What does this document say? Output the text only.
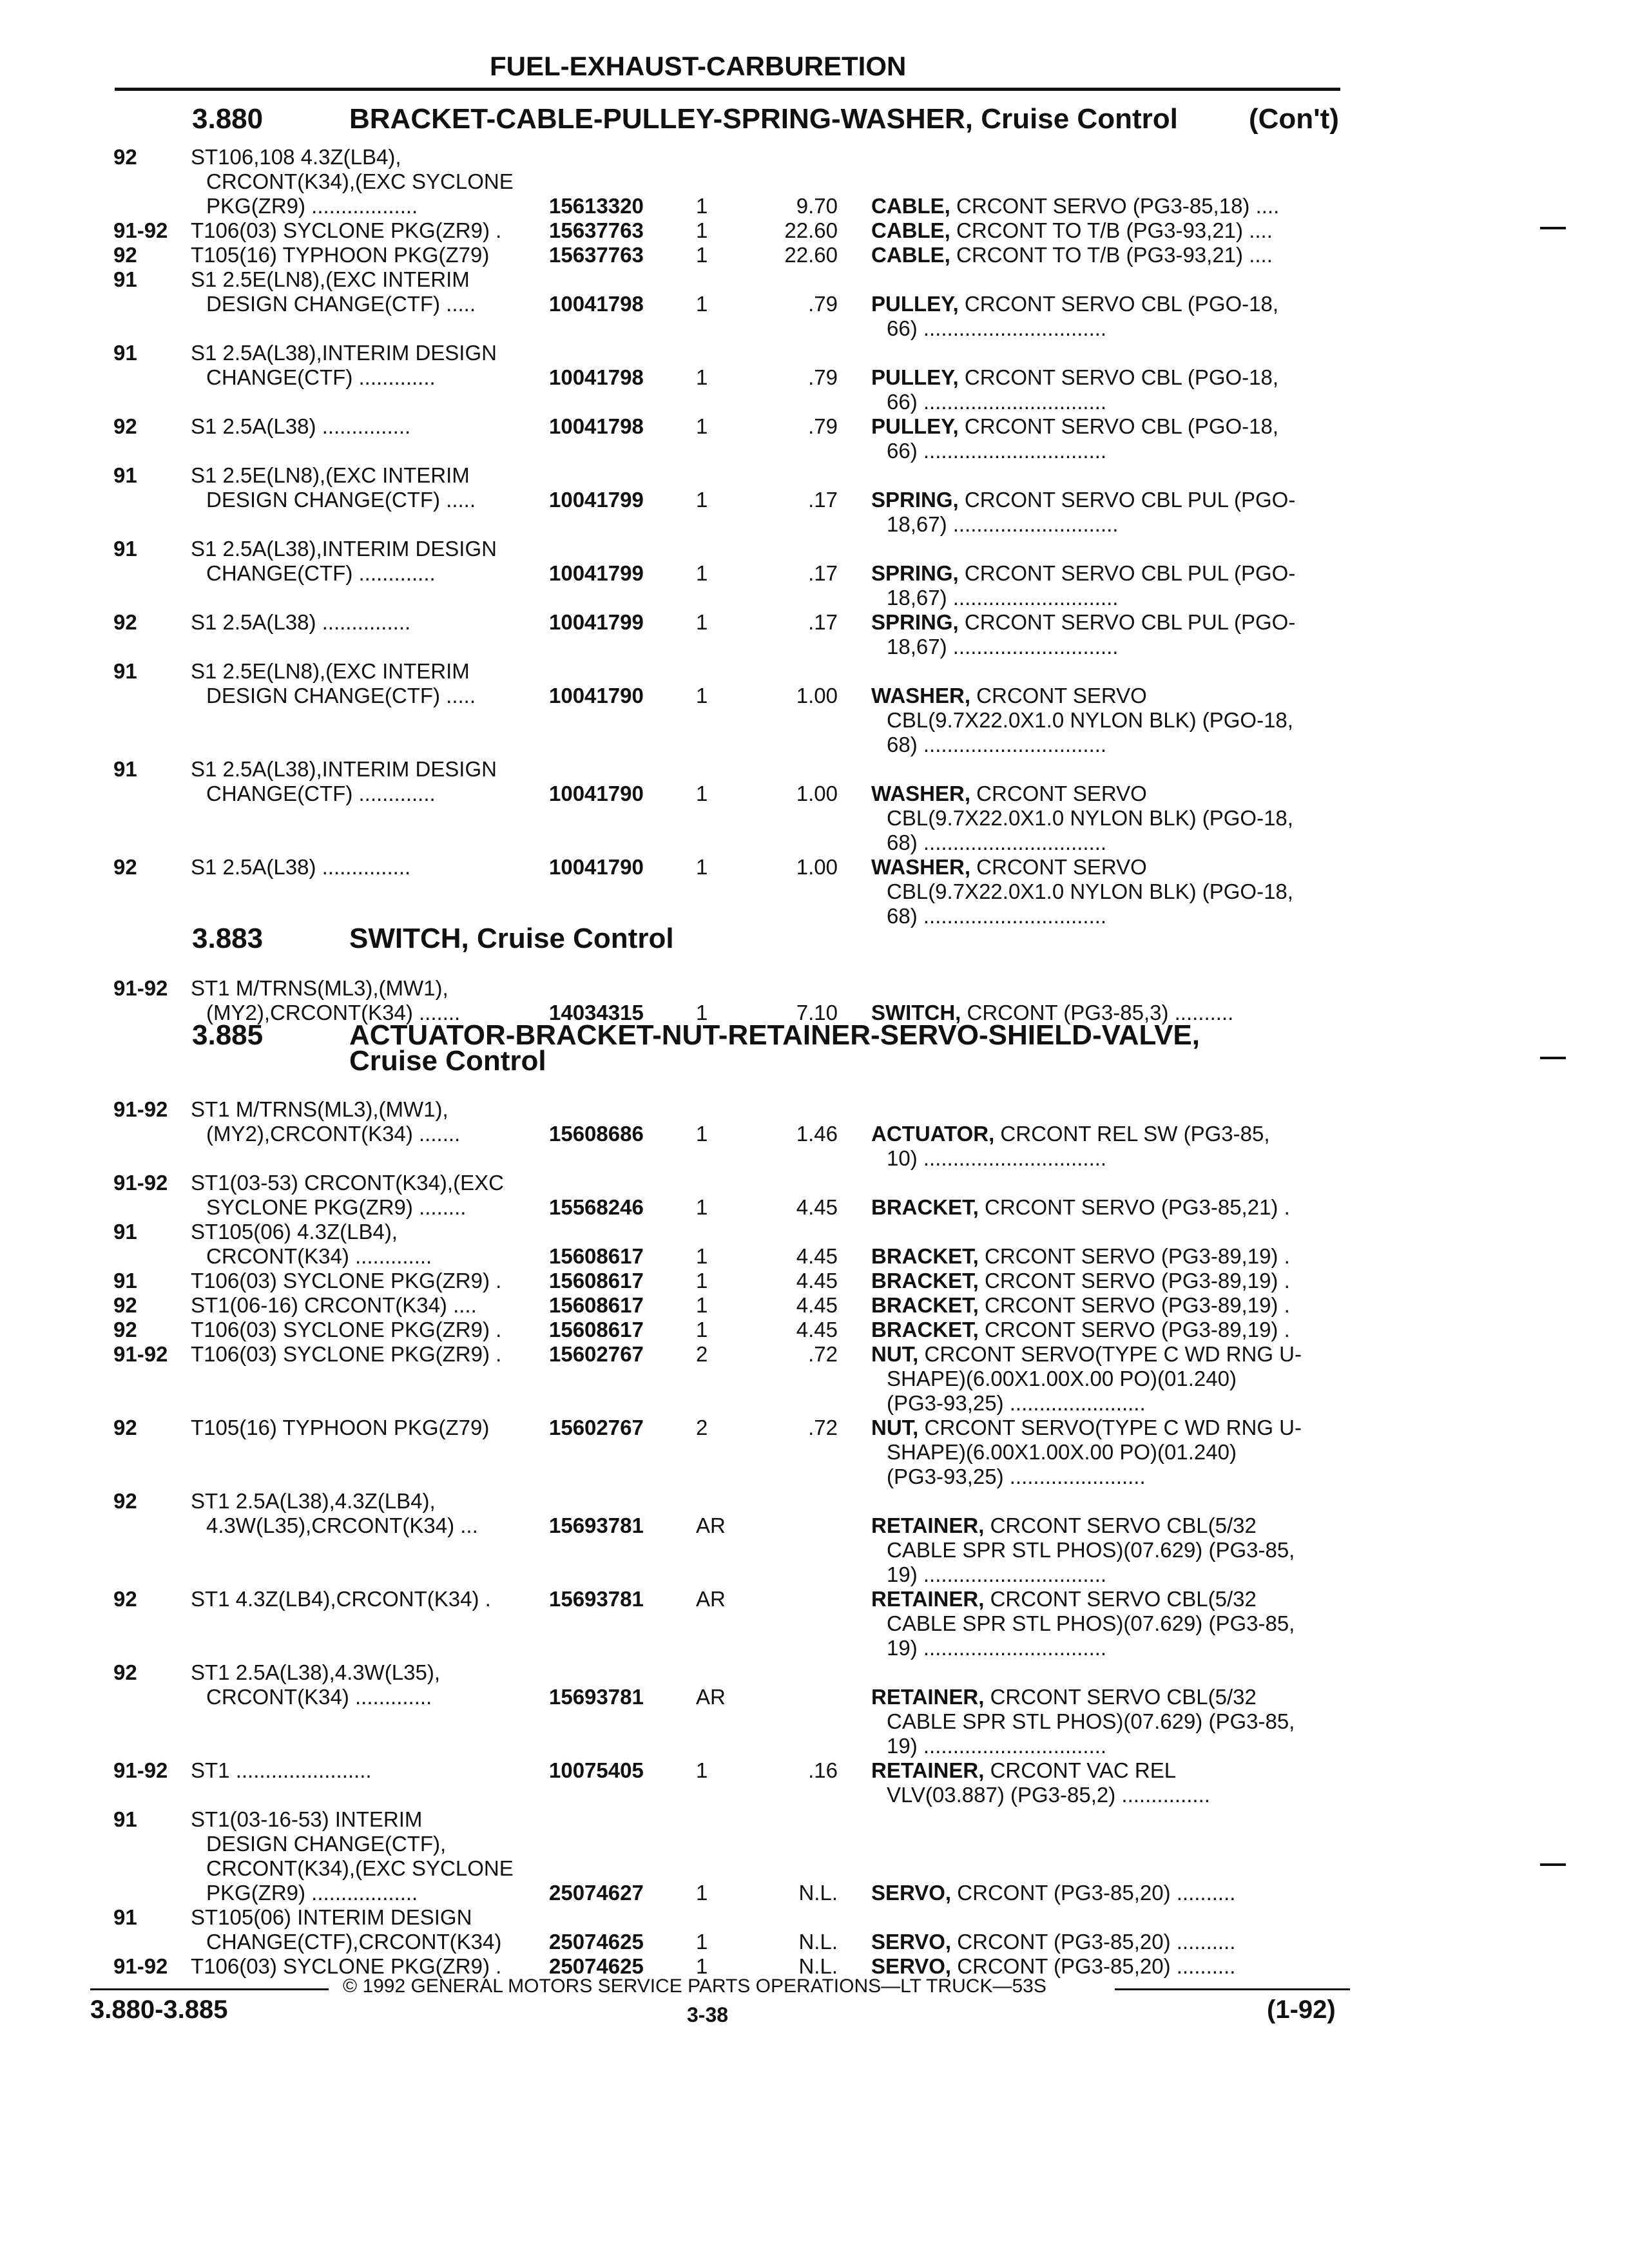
FUEL-EXHAUST-CARBURETION
3.880	BRACKET-CABLE-PULLEY-SPRING-WASHER, Cruise Control	(Con't)
3.883	SWITCH, Cruise Control
3.885	ACTUATOR-BRACKET-NUT-RETAINER-SERVO-SHIELD-VALVE,
Cruise Control
92	ST106,108 4.3Z(LB4),
CRCONT(K34),(EXC SYCLONE
PKG(ZR9) ..................	15613320 1	9.70 CABLE, CRCONT SERVO (PG3-85,18) ....
91-92 T106(03) SYCLONE PKG(ZR9) . 15637763 1	22.60 CABLE, CRCONT TO T/B (PG3-93,21) ....
92	T105(16) TYPHOON PKG(Z79)	15637763 1	22.60 CABLE, CRCONT TO T/B (PG3-93,21) ....
91	S1 2.5E(LN8),(EXC INTERIM
DESIGN CHANGE(CTF) .....	10041798 1	.79 PULLEY, CRCONT SERVO CBL (PGO-18,
66) ...............................
91	S1 2.5A(L38),INTERIM DESIGN
CHANGE(CTF) .............	10041798 1	.79 PULLEY, CRCONT SERVO CBL (PGO-18,
66) ...............................
92	S1 2.5A(L38) ...............	10041798 1	.79 PULLEY, CRCONT SERVO CBL (PGO-18,
66) ...............................
91	S1 2.5E(LN8),(EXC INTERIM
DESIGN CHANGE(CTF) .....	10041799 1	.17 SPRING, CRCONT SERVO CBL PUL (PGO-
18,67) ............................
91	S1 2.5A(L38),INTERIM DESIGN
CHANGE(CTF) .............	10041799 1	.17 SPRING, CRCONT SERVO CBL PUL (PGO-
18,67) ............................
92	S1 2.5A(L38) ...............	10041799 1	.17 SPRING, CRCONT SERVO CBL PUL (PGO-
18,67) ............................
91	S1 2.5E(LN8),(EXC INTERIM
DESIGN CHANGE(CTF) .....	10041790 1	1.00 WASHER, CRCONT SERVO
CBL(9.7X22.0X1.0 NYLON BLK) (PGO-18,
68) ...............................
91	S1 2.5A(L38),INTERIM DESIGN
CHANGE(CTF) .............	10041790 1	1.00 WASHER, CRCONT SERVO
CBL(9.7X22.0X1.0 NYLON BLK) (PGO-18,
68) ...............................
92	S1 2.5A(L38) ...............	10041790 1	1.00 WASHER, CRCONT SERVO
CBL(9.7X22.0X1.0 NYLON BLK) (PGO-18,
68) ...............................
91-92 ST1 M/TRNS(ML3),(MW1),
(MY2),CRCONT(K34) .......	14034315 1	7.10 SWITCH, CRCONT (PG3-85,3) ..........
91-92 ST1 M/TRNS(ML3),(MW1),
(MY2),CRCONT(K34) .......	15608686 1	1.46 ACTUATOR, CRCONT REL SW (PG3-85,
10) ...............................
91-92 ST1(03-53) CRCONT(K34),(EXC
SYCLONE PKG(ZR9) ........	15568246 1	4.45 BRACKET, CRCONT SERVO (PG3-85,21) .
91	ST105(06) 4.3Z(LB4),
CRCONT(K34) .............	15608617 1	4.45 BRACKET, CRCONT SERVO (PG3-89,19) .
91	T106(03) SYCLONE PKG(ZR9) . 15608617 1	4.45 BRACKET, CRCONT SERVO (PG3-89,19) .
92	ST1(06-16) CRCONT(K34) ....	15608617 1	4.45 BRACKET, CRCONT SERVO (PG3-89,19) .
92	T106(03) SYCLONE PKG(ZR9) . 15608617 1	4.45 BRACKET, CRCONT SERVO (PG3-89,19) .
91-92 T106(03) SYCLONE PKG(ZR9) . 15602767 2	.72 NUT, CRCONT SERVO(TYPE C WD RNG U-
SHAPE)(6.00X1.00X.00 PO)(01.240)
(PG3-93,25) .......................
92	T105(16) TYPHOON PKG(Z79)	15602767 2	.72 NUT, CRCONT SERVO(TYPE C WD RNG U-
SHAPE)(6.00X1.00X.00 PO)(01.240)
(PG3-93,25) .......................
92	ST1 2.5A(L38),4.3Z(LB4),
4.3W(L35),CRCONT(K34) ...	15693781 AR	RETAINER, CRCONT SERVO CBL(5/32
CABLE SPR STL PHOS)(07.629) (PG3-85,
19) ...............................
92	ST1 4.3Z(LB4),CRCONT(K34) .	15693781 AR	RETAINER, CRCONT SERVO CBL(5/32
CABLE SPR STL PHOS)(07.629) (PG3-85,
19) ...............................
92	ST1 2.5A(L38),4.3W(L35),
CRCONT(K34) .............	15693781 AR	RETAINER, CRCONT SERVO CBL(5/32
CABLE SPR STL PHOS)(07.629) (PG3-85,
19) ...............................
91-92 ST1 .......................	10075405 1	.16 RETAINER, CRCONT VAC REL
VLV(03.887) (PG3-85,2) ...............
91	ST1(03-16-53) INTERIM
DESIGN CHANGE(CTF),
CRCONT(K34),(EXC SYCLONE
PKG(ZR9) ..................	25074627 1	N.L. SERVO, CRCONT (PG3-85,20) ..........
91	ST105(06) INTERIM DESIGN
CHANGE(CTF),CRCONT(K34) 25074625 1	N.L. SERVO, CRCONT (PG3-85,20) ..........
91-92 T106(03) SYCLONE PKG(ZR9) . 25074625 1	N.L. SERVO, CRCONT (PG3-85,20) ..........
© 1992 GENERAL MOTORS SERVICE PARTS OPERATIONS—LT TRUCK—53S
3.880-3.885	3-38	(1-92)
